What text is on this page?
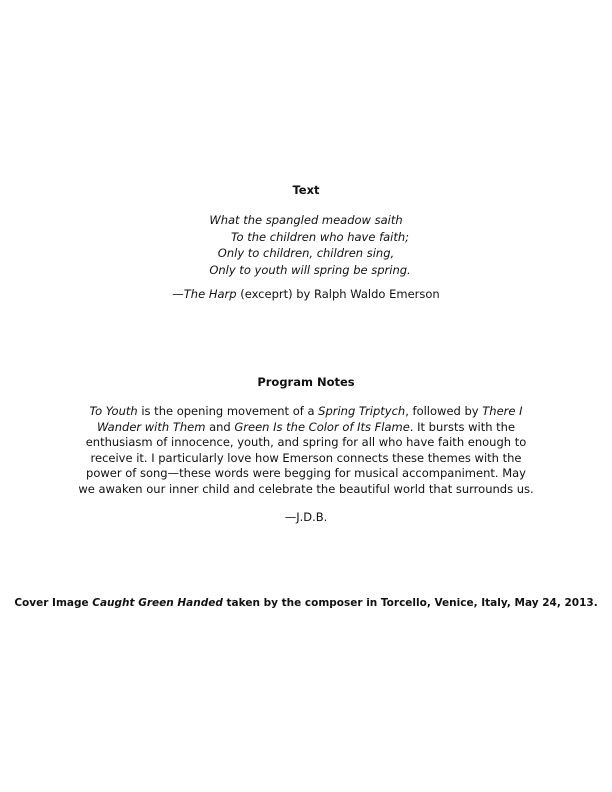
Text
What the spangled meadow saith
To the children who have faith;
Only to children, children sing,
Only to youth will spring be spring.
—The Harp (exceprt) by Ralph Waldo Emerson
Program Notes
To Youth is the opening movement of a Spring Triptych, followed by There I
Wander with Them and Green Is the Color of Its Flame. It bursts with the
enthusiasm of innocence, youth, and spring for all who have faith enough to
receive it. I particularly love how Emerson connects these themes with the
power of song—these words were begging for musical accompaniment. May
we awaken our inner child and celebrate the beautiful world that surrounds us.
—J.D.B.
Cover Image Caught Green Handed taken by the composer in Torcello, Venice, Italy, May 24, 2013.
